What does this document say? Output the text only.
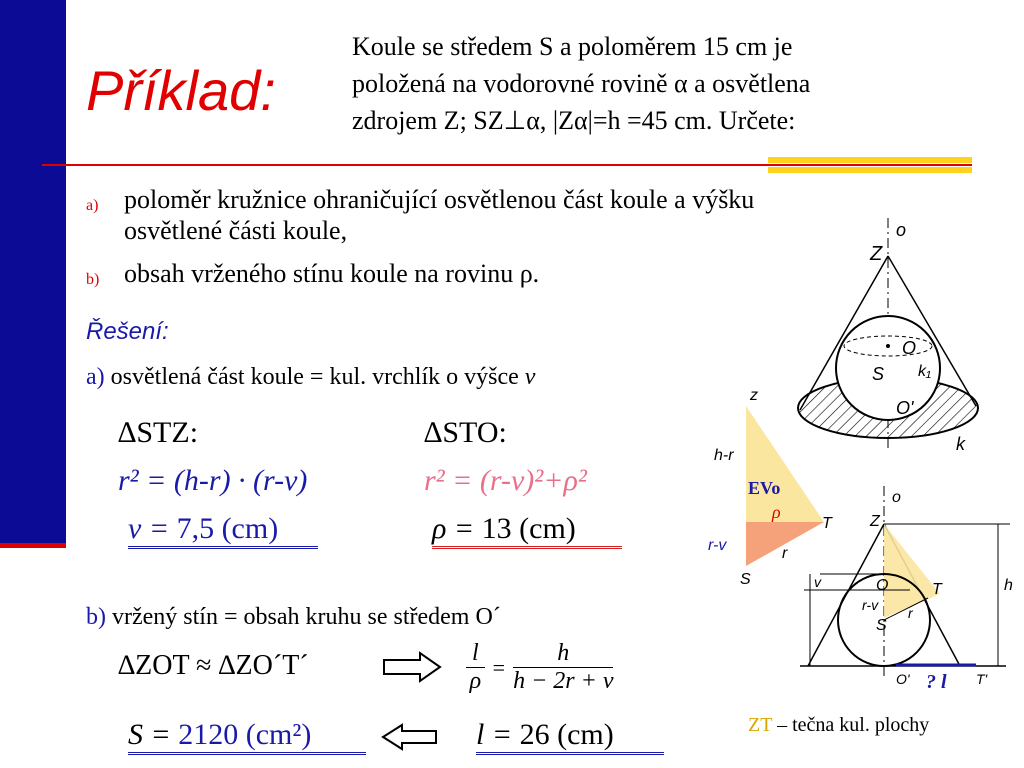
Příklad:
Koule se středem S a poloměrem 15 cm je
položená na vodorovné rovině α a osvětlena
zdrojem Z; SZ⊥α, |Zα|=h =45 cm. Určete:
a) poloměr kružnice ohraničující osvětlenou část koule a výšku
osvětlené části koule,
b) obsah vrženého stínu koule na rovinu ρ.
Řešení:
a) osvětlená část koule = kul. vrchlík o výšce v
∆STZ:	∆STO:
r² = (h-r) · (r-v)	r² = (r-v)²+ρ²
v = 7,5 (cm)	ρ = 13 (cm)
b) vržený stín = obsah kruhu se středem O´
∆ZOT ≈ ∆ZO´T´	$\frac{l}{\rho} = \frac{h}{h - 2r + v}$
S = 2120 (cm²)	l = 26 (cm)
o
Z
O
k₁
S
O'
k
z
h-r
EVo
ρ
T
r-v	r
S
o
Z
v	O	T
r-v r
S
h
O'	T'
? l
ZT – tečna kul. plochy
